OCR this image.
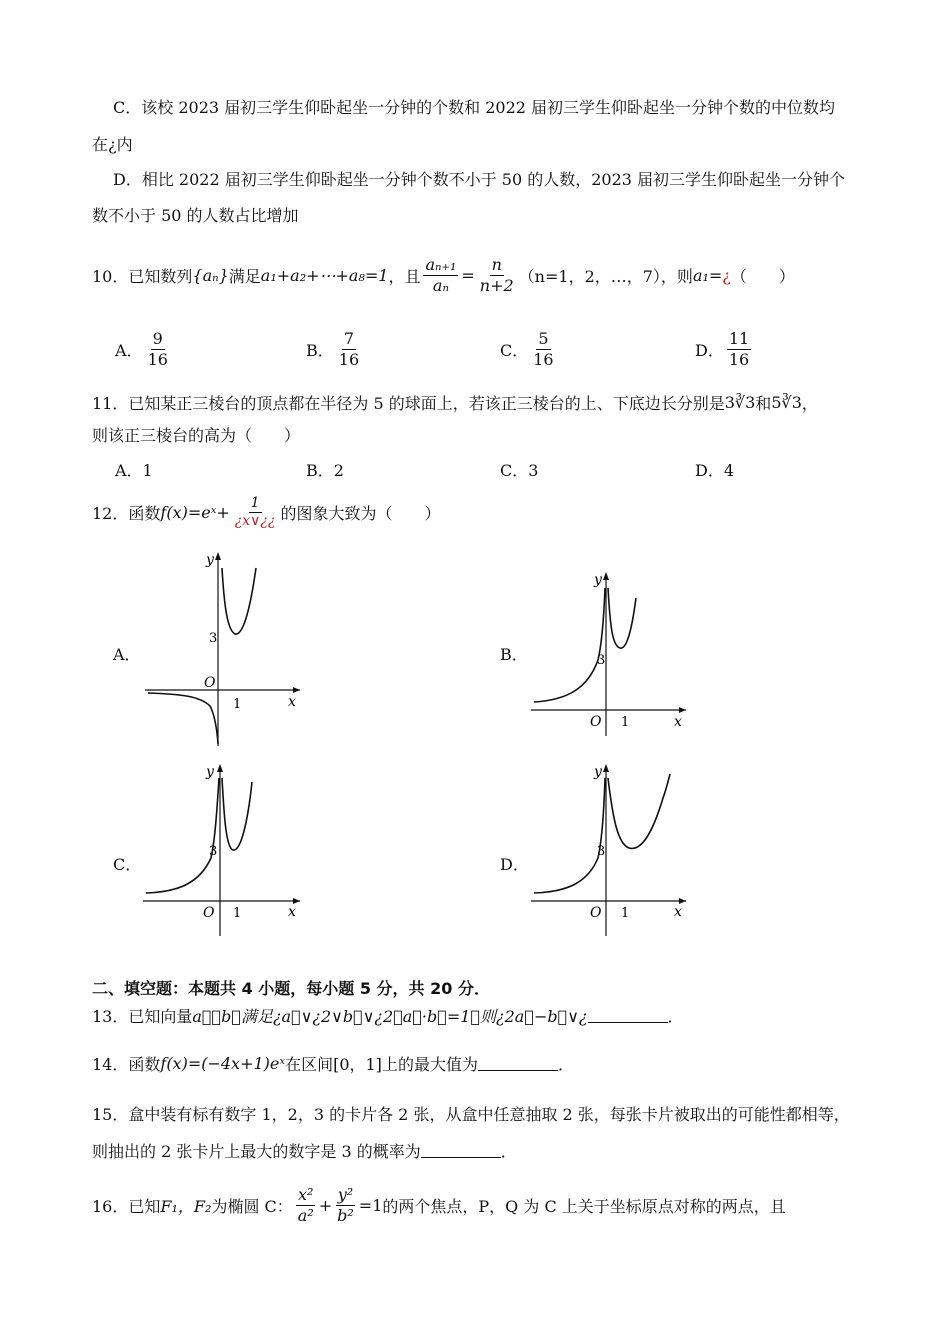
C．该校 2023 届初三学生仰卧起坐一分钟的个数和 2022 届初三学生仰卧起坐一分钟个数的中位数均
在¿内
D．相比 2022 届初三学生仰卧起坐一分钟个数不小于 50 的人数，2023 届初三学生仰卧起坐一分钟个
数不小于 50 的人数占比增加
10． 已知数列 {aₙ} 满足 a₁+a₂+⋯+a₈=1 ，且 $\frac{\text{aₙ₊₁}}{\text{aₙ}} = \frac{n}{n+2} (n=1$，2，…，7），则 a₁= ¿ （　　）
A． $\frac{9}{16}$	B． $\frac{7}{16}$	C． $\frac{5}{16}$	D． $\frac{11}{16}$
11． 已知某正三棱台的顶点都在半径为 5 的球面上，若该正三棱台的上、下底边长分别是 3∛3 和 5∛3 ，
则该正三棱台的高为（　　）
A．1	B．2	C．3	D．4
12． 函数 f(x)=eˣ+ $\frac{1}{¿x\vee¿¿}$ 的图象大致为（　　）
A．
y
x
O
1
3
B．
y
x
O 1
3
C．
y
x
O 1
3
D．
y
x
O 1
3
二、填空题：本题共 4 小题，每小题 5 分，共 20 分．
13． 已知向量 a⃗，b⃗满足¿a⃗∨¿2∨b⃗∨¿2，a⃗·b⃗=1，则¿2a⃗−b⃗∨¿	．
14． 函数 f(x)=(−4x+1)eˣ 在区间 [0，1] 上的最大值为	．
15． 盒中装有标有数字 1，2，3 的卡片各 2 张，从盒中任意抽取 2 张，每张卡片被取出的可能性都相等，
则抽出的 2 张卡片上最大的数字是 3 的概率为	．
16． 已知 F₁，F₂ 为椭圆 C： $\frac{\text{x²}}{\text{a²}} + \frac{\text{y²}}{\text{b²}} =1$ 的两个焦点，P，Q 为 C 上关于坐标原点对称的两点，且
